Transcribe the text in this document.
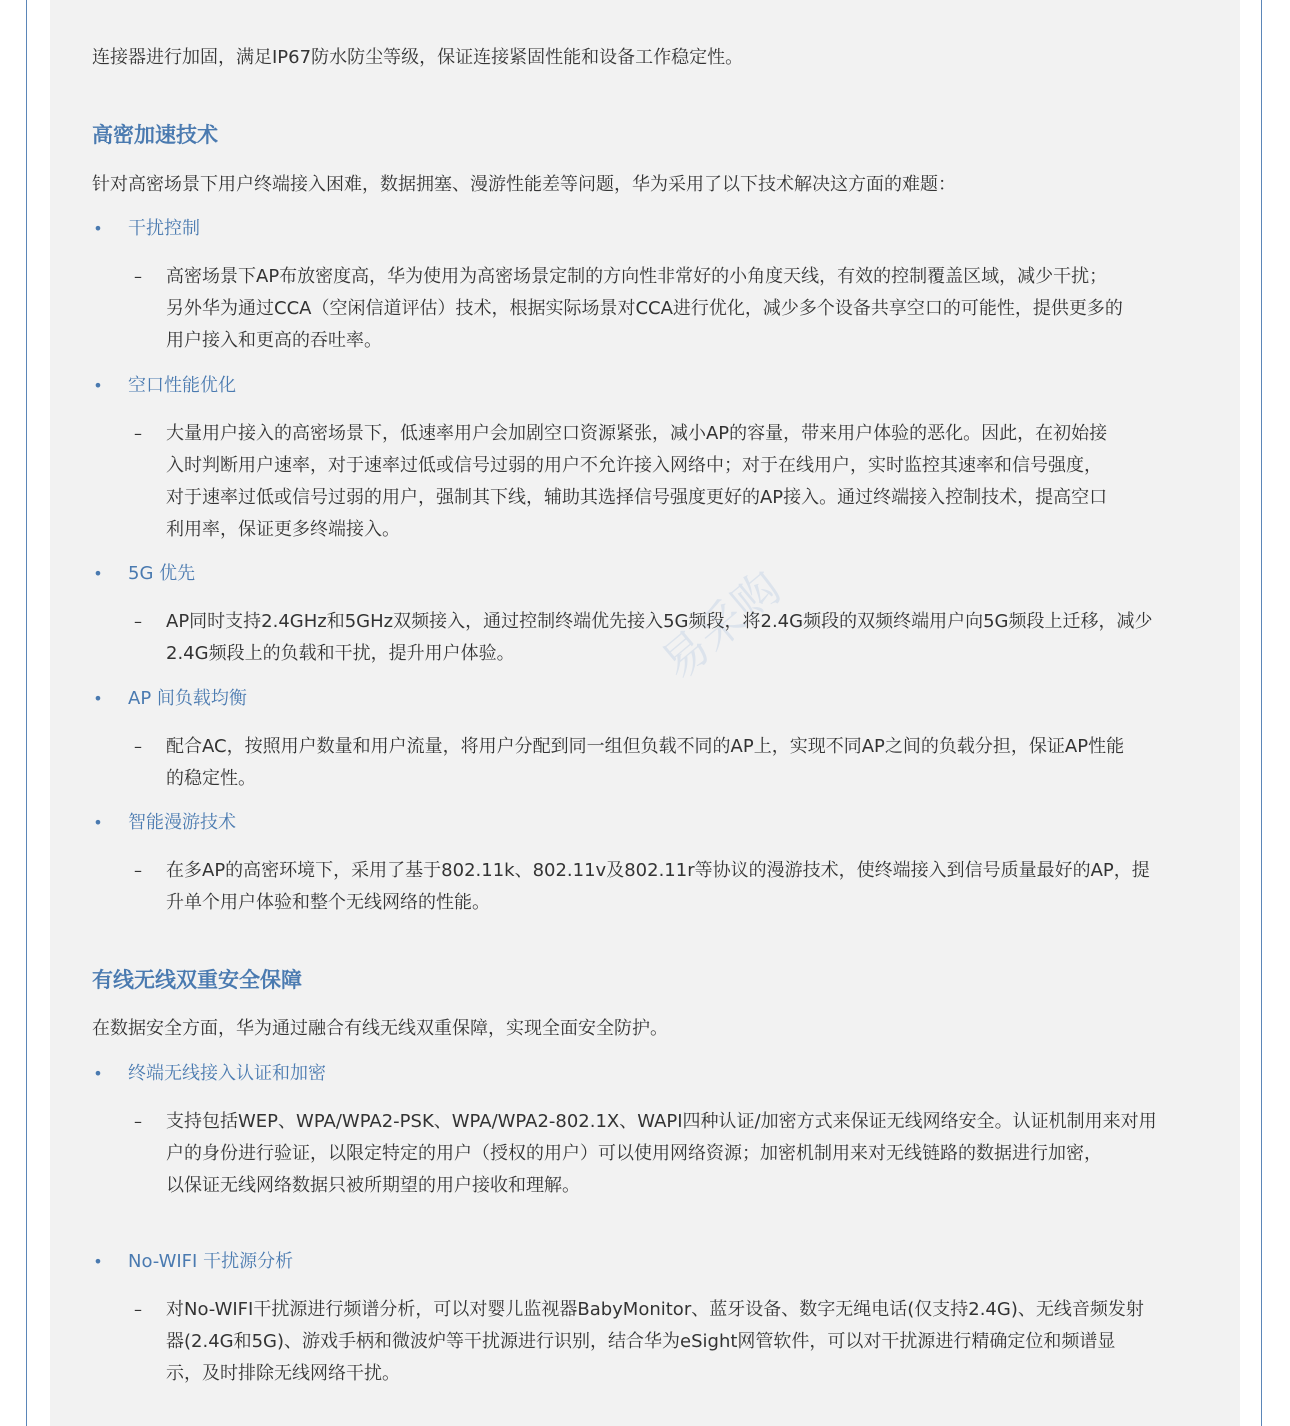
易采购
连接器进行加固，满足IP67防水防尘等级，保证连接紧固性能和设备工作稳定性。
高密加速技术
针对高密场景下用户终端接入困难，数据拥塞、漫游性能差等问题，华为采用了以下技术解决这方面的难题：
• 干扰控制
– 高密场景下AP布放密度高，华为使用为高密场景定制的方向性非常好的小角度天线，有效的控制覆盖区域，减少干扰；
另外华为通过CCA（空闲信道评估）技术，根据实际场景对CCA进行优化，减少多个设备共享空口的可能性，提供更多的
用户接入和更高的吞吐率。
• 空口性能优化
– 大量用户接入的高密场景下，低速率用户会加剧空口资源紧张，减小AP的容量，带来用户体验的恶化。因此，在初始接
入时判断用户速率，对于速率过低或信号过弱的用户不允许接入网络中；对于在线用户，实时监控其速率和信号强度，
对于速率过低或信号过弱的用户，强制其下线，辅助其选择信号强度更好的AP接入。通过终端接入控制技术，提高空口
利用率，保证更多终端接入。
• 5G 优先
– AP同时支持2.4GHz和5GHz双频接入，通过控制终端优先接入5G频段，将2.4G频段的双频终端用户向5G频段上迁移，减少
2.4G频段上的负载和干扰，提升用户体验。
• AP 间负载均衡
– 配合AC，按照用户数量和用户流量，将用户分配到同一组但负载不同的AP上，实现不同AP之间的负载分担，保证AP性能
的稳定性。
• 智能漫游技术
– 在多AP的高密环境下，采用了基于802.11k、802.11v及802.11r等协议的漫游技术，使终端接入到信号质量最好的AP，提
升单个用户体验和整个无线网络的性能。
有线无线双重安全保障
在数据安全方面，华为通过融合有线无线双重保障，实现全面安全防护。
• 终端无线接入认证和加密
– 支持包括WEP、WPA/WPA2-PSK、WPA/WPA2-802.1X、WAPI四种认证/加密方式来保证无线网络安全。认证机制用来对用
户的身份进行验证，以限定特定的用户（授权的用户）可以使用网络资源；加密机制用来对无线链路的数据进行加密，
以保证无线网络数据只被所期望的用户接收和理解。
• No-WIFI 干扰源分析
– 对No-WIFI干扰源进行频谱分析，可以对婴儿监视器BabyMonitor、蓝牙设备、数字无绳电话(仅支持2.4G)、无线音频发射
器(2.4G和5G)、游戏手柄和微波炉等干扰源进行识别，结合华为eSight网管软件，可以对干扰源进行精确定位和频谱显
示，及时排除无线网络干扰。
